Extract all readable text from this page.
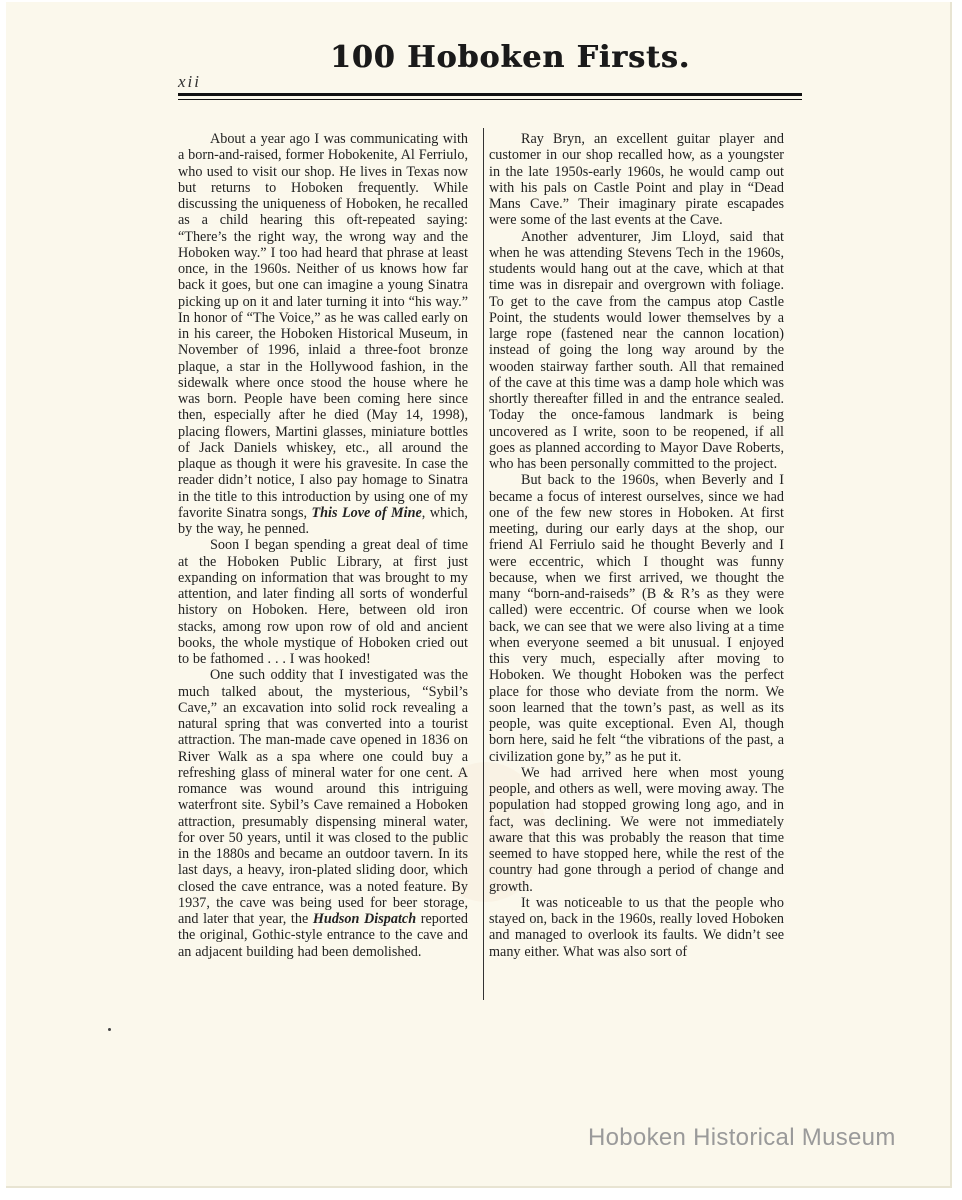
xii
100 Hoboken Firsts.

About a year ago I was communicating with a born-and-raised, former Hobokenite, Al Ferriulo, who used to visit our shop. He lives in Texas now but returns to Hoboken frequently. While discussing the uniqueness of Hoboken, he recalled as a child hearing this oft-repeated saying: “There’s the right way, the wrong way and the Hoboken way.” I too had heard that phrase at least once, in the 1960s. Neither of us knows how far back it goes, but one can imagine a young Sinatra picking up on it and later turning it into “his way.” In honor of “The Voice,” as he was called early on in his career, the Hoboken Historical Museum, in November of 1996, inlaid a three-foot bronze plaque, a star in the Hollywood fashion, in the sidewalk where once stood the house where he was born. People have been coming here since then, especially after he died (May 14, 1998), placing flowers, Martini glasses, miniature bottles of Jack Daniels whiskey, etc., all around the plaque as though it were his gravesite. In case the reader didn’t notice, I also pay homage to Sinatra in the title to this introduction by using one of my favorite Sinatra songs, This Love of Mine, which, by the way, he penned.

Soon I began spending a great deal of time at the Hoboken Public Library, at first just expanding on information that was brought to my attention, and later finding all sorts of wonderful history on Hoboken. Here, between old iron stacks, among row upon row of old and ancient books, the whole mystique of Hoboken cried out to be fathomed . . . I was hooked!

One such oddity that I investigated was the much talked about, the mysterious, “Sybil’s Cave,” an excavation into solid rock revealing a natural spring that was converted into a tourist attraction. The man-made cave opened in 1836 on River Walk as a spa where one could buy a refreshing glass of mineral water for one cent. A romance was wound around this intriguing waterfront site. Sybil’s Cave remained a Hoboken attraction, presumably dispensing mineral water, for over 50 years, until it was closed to the public in the 1880s and became an outdoor tavern. In its last days, a heavy, iron-plated sliding door, which closed the cave entrance, was a noted feature. By 1937, the cave was being used for beer storage, and later that year, the Hudson Dispatch reported the original, Gothic-style entrance to the cave and an adjacent building had been demolished.

Ray Bryn, an excellent guitar player and customer in our shop recalled how, as a youngster in the late 1950s-early 1960s, he would camp out with his pals on Castle Point and play in “Dead Mans Cave.” Their imaginary pirate escapades were some of the last events at the Cave.

Another adventurer, Jim Lloyd, said that when he was attending Stevens Tech in the 1960s, students would hang out at the cave, which at that time was in disrepair and overgrown with foliage. To get to the cave from the campus atop Castle Point, the students would lower themselves by a large rope (fastened near the cannon location) instead of going the long way around by the wooden stairway farther south. All that remained of the cave at this time was a damp hole which was shortly thereafter filled in and the entrance sealed. Today the once-famous landmark is being uncovered as I write, soon to be reopened, if all goes as planned according to Mayor Dave Roberts, who has been personally committed to the project.

But back to the 1960s, when Beverly and I became a focus of interest ourselves, since we had one of the few new stores in Hoboken. At first meeting, during our early days at the shop, our friend Al Ferriulo said he thought Beverly and I were eccentric, which I thought was funny because, when we first arrived, we thought the many “born-and-raiseds” (B & R’s as they were called) were eccentric. Of course when we look back, we can see that we were also living at a time when everyone seemed a bit unusual. I enjoyed this very much, especially after moving to Hoboken. We thought Hoboken was the perfect place for those who deviate from the norm. We soon learned that the town’s past, as well as its people, was quite exceptional. Even Al, though born here, said he felt “the vibrations of the past, a civilization gone by,” as he put it.

We had arrived here when most young people, and others as well, were moving away. The population had stopped growing long ago, and in fact, was declining. We were not immediately aware that this was probably the reason that time seemed to have stopped here, while the rest of the country had gone through a period of change and growth.

It was noticeable to us that the people who stayed on, back in the 1960s, really loved Hoboken and managed to overlook its faults. We didn’t see many either. What was also sort of

Hoboken Historical Museum
